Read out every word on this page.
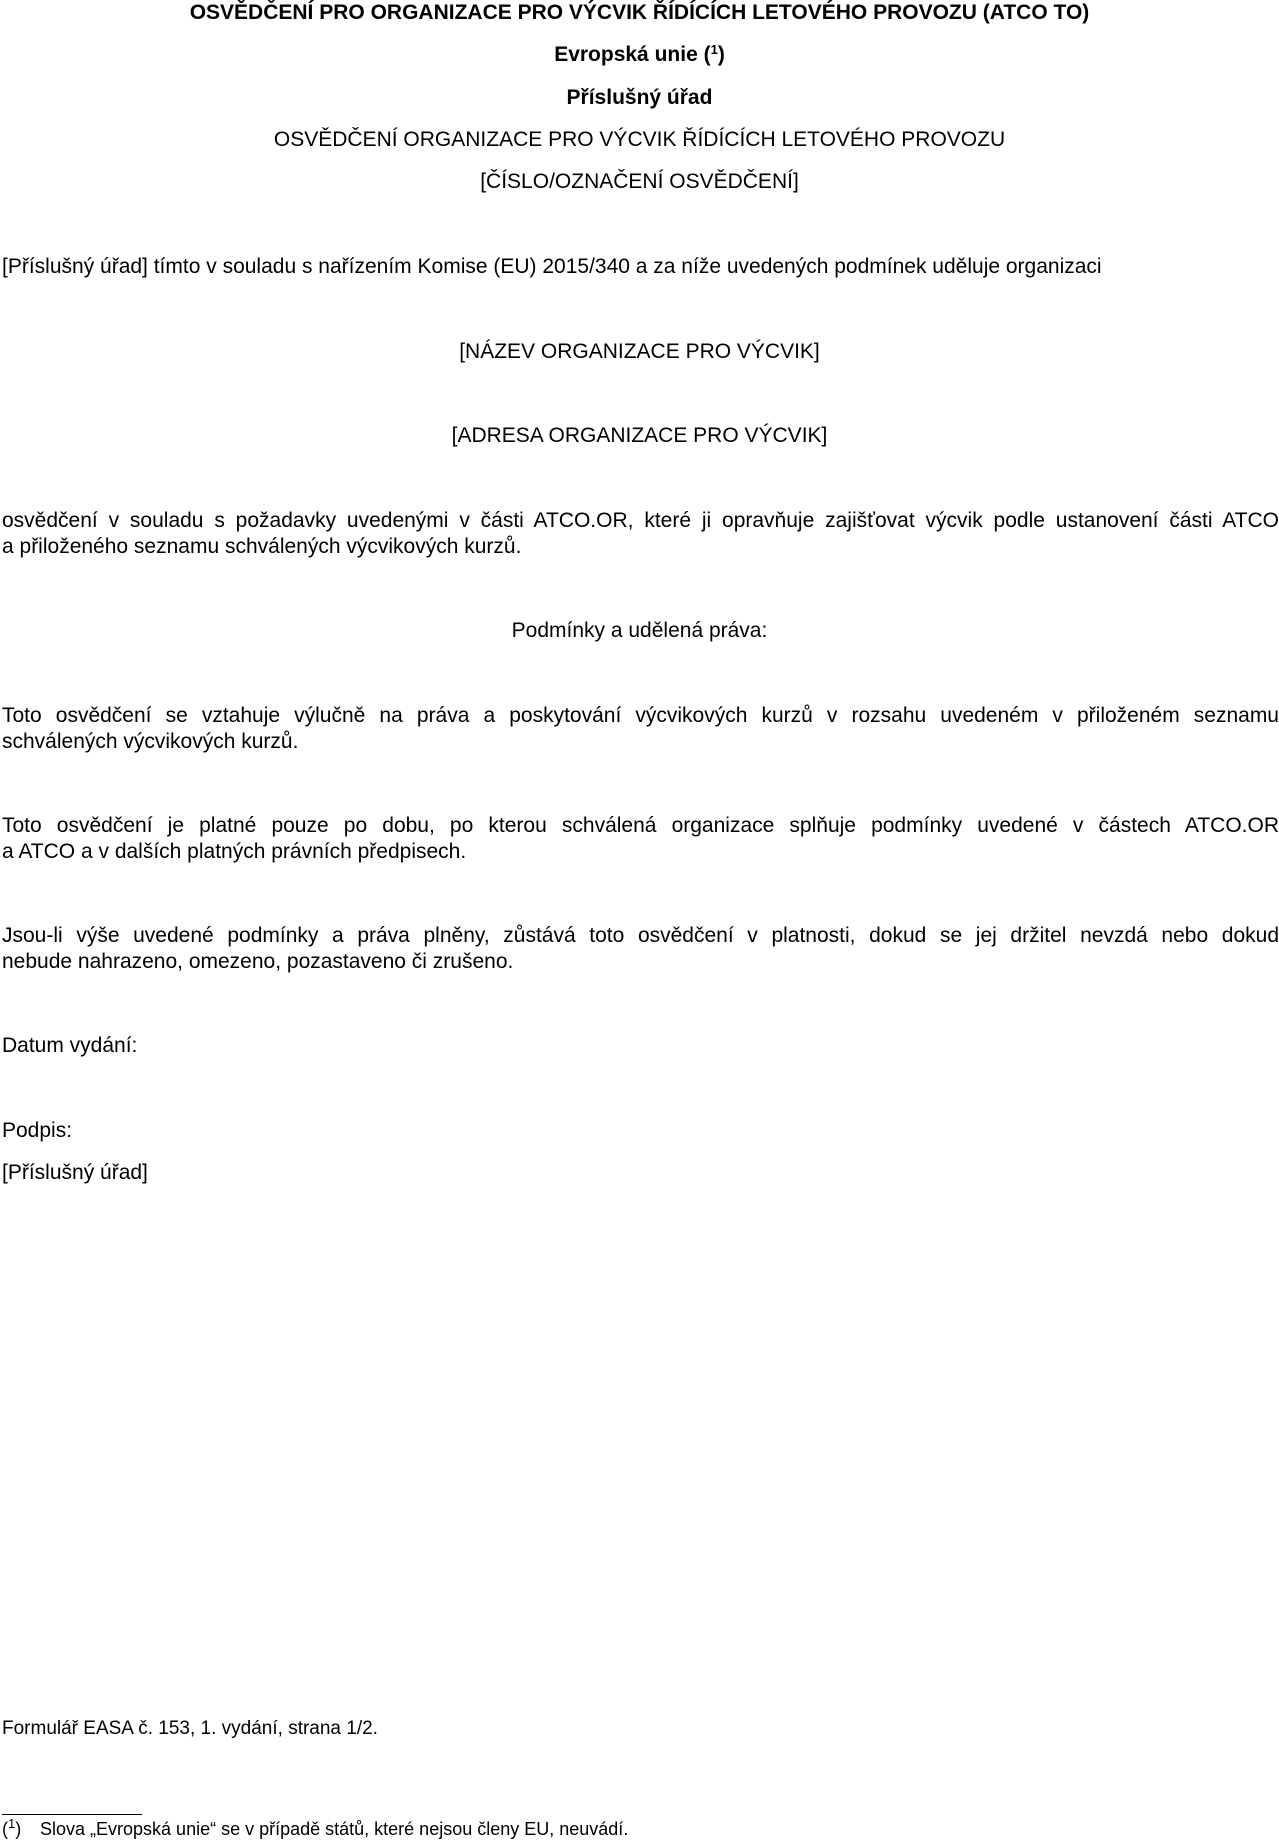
OSVĚDČENÍ PRO ORGANIZACE PRO VÝCVIK ŘÍDÍCÍCH LETOVÉHO PROVOZU (ATCO TO)
Evropská unie ($^1$)
Příslušný úřad
OSVĚDČENÍ ORGANIZACE PRO VÝCVIK ŘÍDÍCÍCH LETOVÉHO PROVOZU
[ČÍSLO/OZNAČENÍ OSVĚDČENÍ]
[Příslušný úřad] tímto v souladu s nařízením Komise (EU) 2015/340 a za níže uvedených podmínek uděluje organizaci
[NÁZEV ORGANIZACE PRO VÝCVIK]
[ADRESA ORGANIZACE PRO VÝCVIK]
osvědčení v souladu s požadavky uvedenými v části ATCO.OR, které ji opravňuje zajišťovat výcvik podle ustanovení části ATCO
a přiloženého seznamu schválených výcvikových kurzů.
Podmínky a udělená práva:
Toto osvědčení se vztahuje výlučně na práva a poskytování výcvikových kurzů v rozsahu uvedeném v přiloženém seznamu
schválených výcvikových kurzů.
Toto osvědčení je platné pouze po dobu, po kterou schválená organizace splňuje podmínky uvedené v částech ATCO.OR
a ATCO a v dalších platných právních předpisech.
Jsou-li výše uvedené podmínky a práva plněny, zůstává toto osvědčení v platnosti, dokud se jej držitel nevzdá nebo dokud
nebude nahrazeno, omezeno, pozastaveno či zrušeno.
Datum vydání:
Podpis:
[Příslušný úřad]
Formulář EASA č. 153, 1. vydání, strana 1/2.
($^1$) Slova „Evropská unie“ se v případě států, které nejsou členy EU, neuvádí.
